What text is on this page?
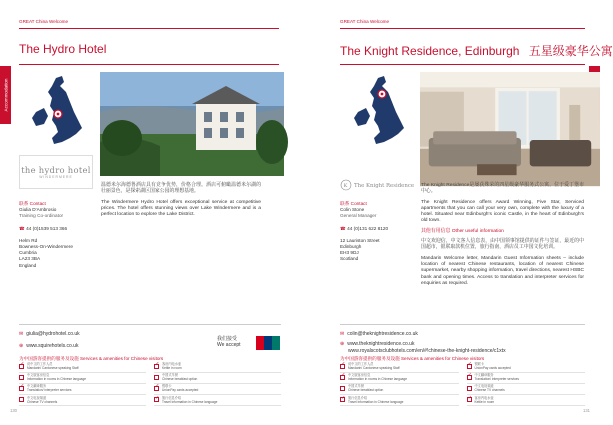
GREAT China Welcome
The Hydro Hotel
Accommodation
the hydro hotel
WINDERMERE
联系 Contact
Giulia D'Ambrosio
Training Co-ordinator
☎ 44 (0)1539 513 366
Helm Rd
Bowness-On-Windermere
Cumbria
LA23 3BA
England

温德米尔海德鲁酒店具有竞争优势，价格合理。酒店可俯瞰温德米尔湖的壮丽景色，是探索湖区国家公园的理想基地。

The Windermere Hydro Hotel offers exceptional service at competitive prices. The hotel offers stunning views over Lake Windermere and is a perfect location to explore the Lake District.

✉ giulia@hydrohotel.co.uk
⊕ www.squirehotels.co.uk
我们接受
We accept
为中国游客提供的服务及设施 Services & amenities for Chinese visitors
✓
说中文的工作人员
Mandarin/ Cantonese speaking Staff
✓
客房内电水壶
Kettle in room
中文版客房信息
Information in rooms in Chinese language
中国式早餐
Chinese breakfast option
✓
中文翻译服务
Translation/ interpreter services
✓
银联卡
UnionPay cards accepted
中文电视频道
Chinese TV channels
✓
旅行信息介绍
Travel information in Chinese language
130
GREAT China Welcome
The Knight Residence, Edinburgh 五星级豪华公寓
The Knight Residence
K
联系 Contact
Colin Stone
General Manager
☎ 44 (0)131 622 8120
12 Lauriston Street
Edinburgh
EH3 9DJ
Scotland

The Knight Residence是屡获殊荣的四星级豪华服务式公寓，位于爱丁堡市中心。

The Knight Residence offers Award Winning, Five Star, Serviced apartments that you can call your very own, complete with the luxury of a hotel. Situated near Edinburgh's iconic Castle, in the heart of Edinburgh's old town.

其他有用信息 Other useful information

中文欢迎信，中文客人信息表，由中国领事馆提供的证件与签证，最近的中国超市，银联取款机位置，旅行指南，酒店员工中国文化培训。

Mandarin Welcome letter, Mandarin Guest Information sheets – include location of nearest Chinese restaurants, location of nearest Chinese supermarket, nearby shopping information, travel directions, nearest HSBC bank and opening times. Access to translation and interpreter services for enquiries as required.

✉ colin@theknightresidence.co.uk
⊕ www.theknightresidence.co.uk
www.royalscotsclubhotels.com/en/#!chinese-the-knight-residence/c1xtx
为中国游客提供的服务及设施 Services & amenities for Chinese visitors
✓
说中文的工作人员
Mandarin/ Cantonese speaking Staff
✓
银联卡
UnionPay cards accepted
✓
中文版客房信息
Information in rooms in Chinese language
✓
中文翻译服务
Translation/ interpreter services
中国式早餐
Chinese breakfast option
中文电视频道
Chinese TV channels
✓
旅行信息介绍
Travel information in Chinese language
✓
客房内电水壶
Kettle in room
131
